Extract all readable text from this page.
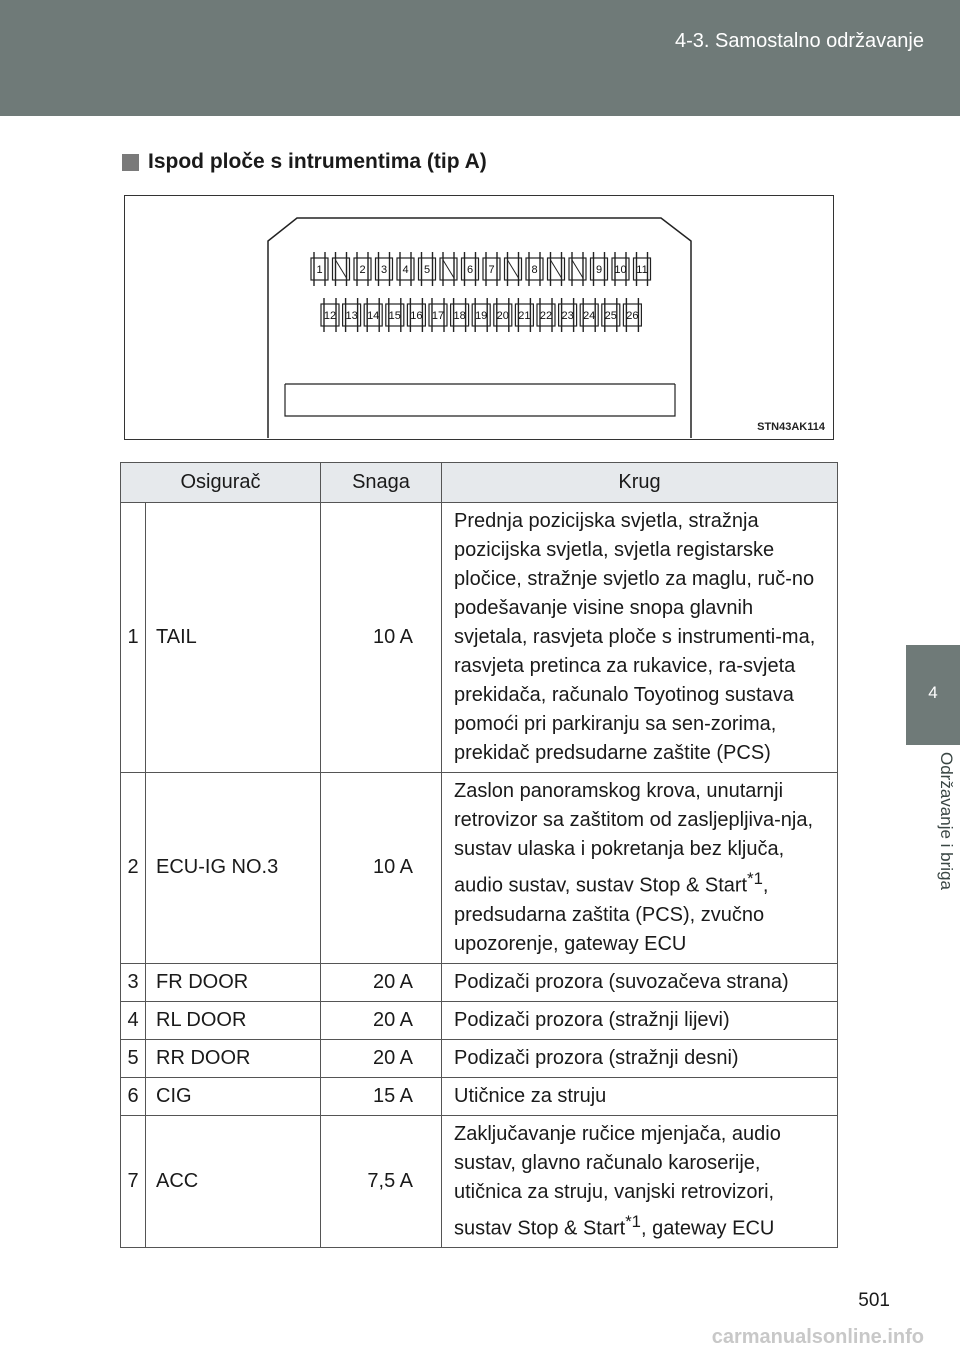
4-3. Samostalno održavanje
4
Održavanje i briga
Ispod ploče s intrumentima (tip A)
1	2 3 4 5	6 7	8	9 10 11
12 13 14 15 16 17 18 19 20 21 22 23 24 25 26
STN43AK114
Osigurač		Snaga	Krug
1	TAIL	10 A	Prednja pozicijska svjetla, stražnja pozicijska svjetla, svjetla registarske pločice, stražnje svjetlo za maglu, ruč-no podešavanje visine snopa glavnih svjetala, rasvjeta ploče s instrumenti-ma, rasvjeta pretinca za rukavice, ra-svjeta prekidača, računalo Toyotinog sustava pomoći pri parkiranju sa sen-zorima, prekidač predsudarne zaštite (PCS)
2	ECU-IG NO.3	10 A	Zaslon panoramskog krova, unutarnji retrovizor sa zaštitom od zasljepljiva-nja, sustav ulaska i pokretanja bez ključa, audio sustav, sustav Stop & Start$^{*1}$, predsudarna zaštita (PCS), zvučno upozorenje, gateway ECU
3	FR DOOR	20 A	Podizači prozora (suvozačeva strana)
4	RL DOOR	20 A	Podizači prozora (stražnji lijevi)
5	RR DOOR	20 A	Podizači prozora (stražnji desni)
6	CIG	15 A	Utičnice za struju
7	ACC	7,5 A	Zaključavanje ručice mjenjača, audio sustav, glavno računalo karoserije, utičnica za struju, vanjski retrovizori, sustav Stop & Start$^{*1}$, gateway ECU
501
carmanualsonline.info
